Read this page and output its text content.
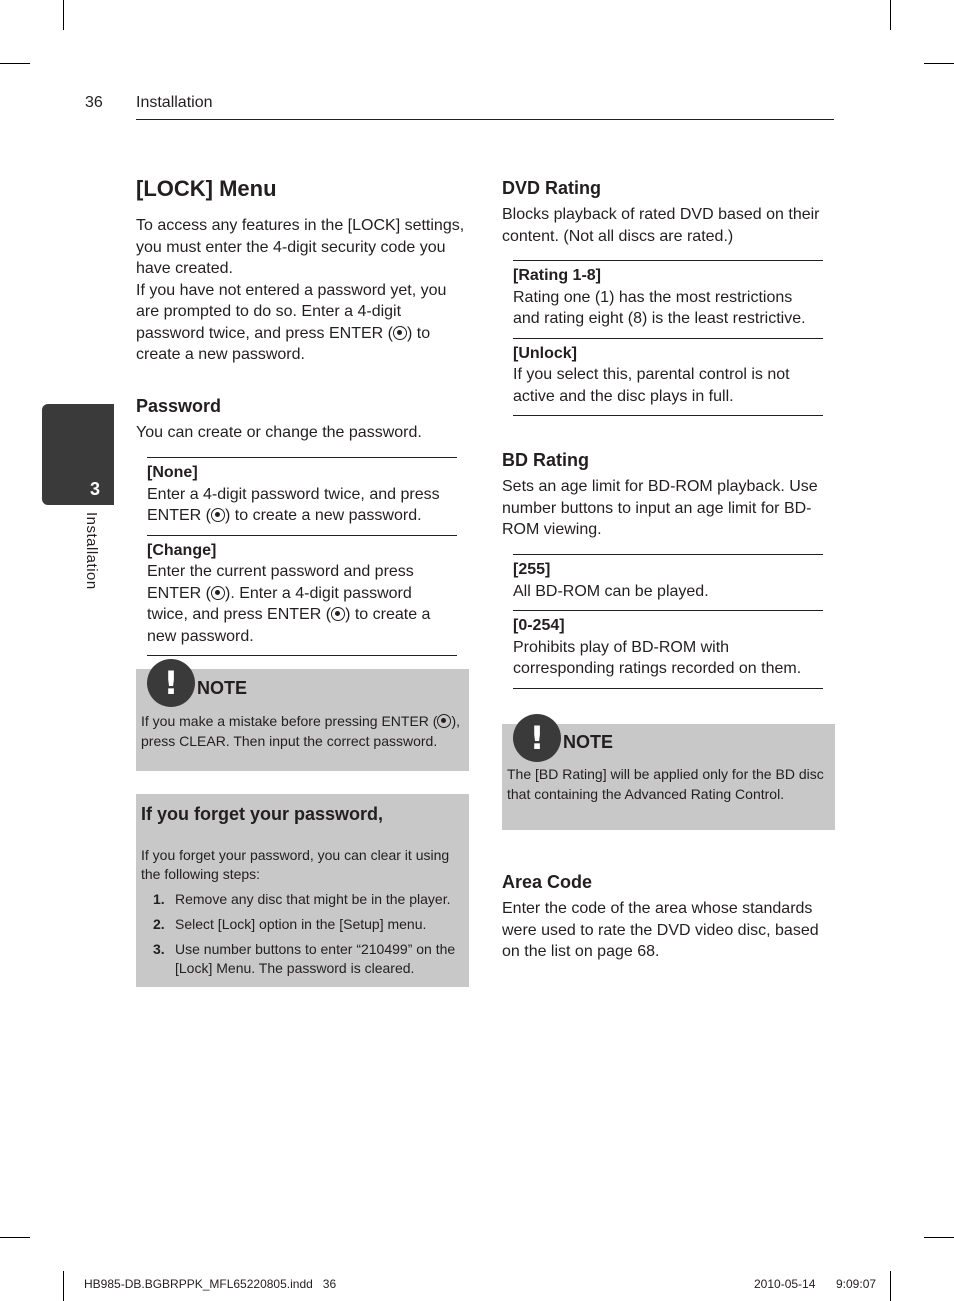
36 Installation
3
Installation
[LOCK] Menu
To access any features in the [LOCK] settings, you must enter the 4-digit security code you have created.
If you have not entered a password yet, you are prompted to do so. Enter a 4-digit password twice, and press ENTER ( ) to create a new password.
Password
You can create or change the password.
[None]
Enter a 4-digit password twice, and press ENTER ( ) to create a new password.
[Change]
Enter the current password and press ENTER ( ). Enter a 4-digit password twice, and press ENTER ( ) to create a new password.
!	NOTE
If you make a mistake before pressing ENTER ( ), press CLEAR. Then input the correct password.
If you forget your password,
If you forget your password, you can clear it using the following steps:
1. Remove any disc that might be in the player.
2. Select [Lock] option in the [Setup] menu.
3. Use number buttons to enter “210499” on the [Lock] Menu. The password is cleared.
DVD Rating
Blocks playback of rated DVD based on their content. (Not all discs are rated.)
[Rating 1-8]
Rating one (1) has the most restrictions and rating eight (8) is the least restrictive.
[Unlock]
If you select this, parental control is not active and the disc plays in full.
BD Rating
Sets an age limit for BD-ROM playback. Use number buttons to input an age limit for BD-ROM viewing.
[255]
All BD-ROM can be played.
[0-254]
Prohibits play of BD-ROM with corresponding ratings recorded on them.
!	NOTE
The [BD Rating] will be applied only for the BD disc that containing the Advanced Rating Control.
Area Code
Enter the code of the area whose standards were used to rate the DVD video disc, based on the list on page 68.
HB985-DB.BGBRPPK_MFL65220805.indd   36	2010-05-14 9:09:07
